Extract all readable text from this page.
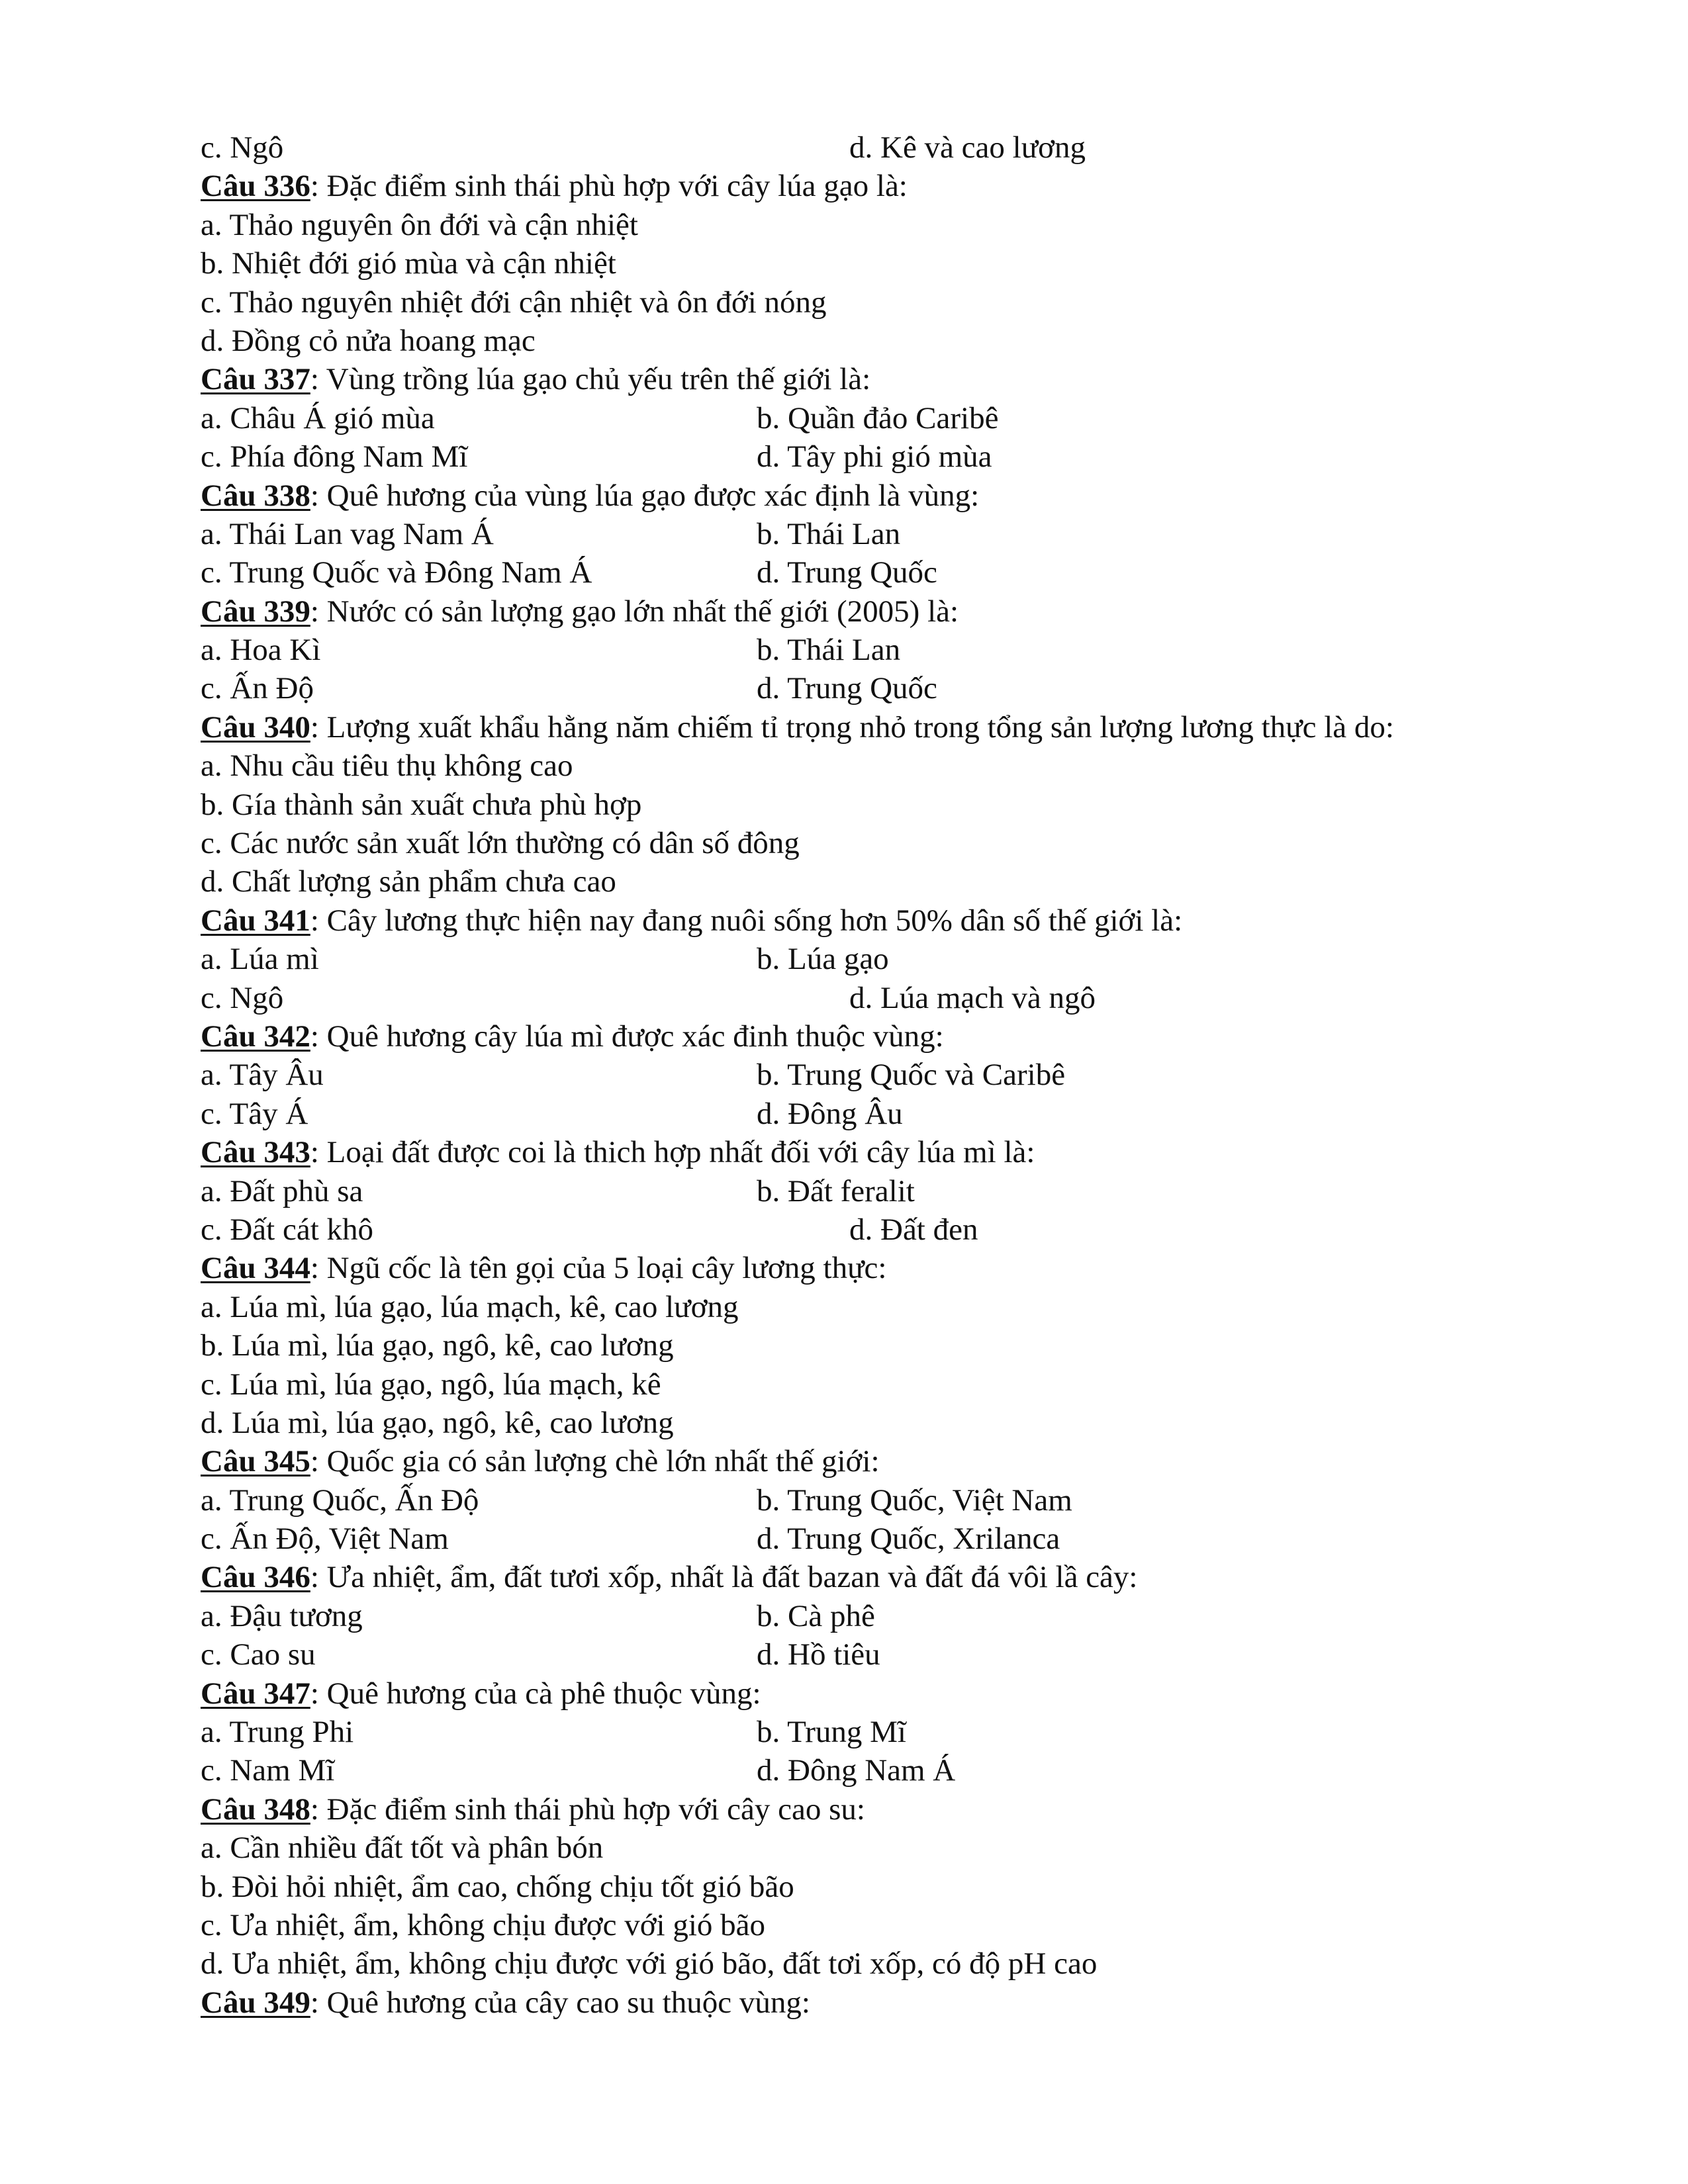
c. Ngô	d. Kê và cao lương
Câu 336: Đặc điểm sinh thái phù hợp với cây lúa gạo là:
a. Thảo nguyên ôn đới và cận nhiệt
b. Nhiệt đới gió mùa và cận nhiệt
c. Thảo nguyên nhiệt đới cận nhiệt và ôn đới nóng
d. Đồng cỏ nửa hoang mạc
Câu 337: Vùng trồng lúa gạo chủ yếu trên thế giới là:
a. Châu Á gió mùa	b. Quần đảo Caribê
c. Phía đông Nam Mĩ	d. Tây phi gió mùa
Câu 338: Quê hương của vùng lúa gạo được xác định là vùng:
a. Thái Lan vag Nam Á	b. Thái Lan
c. Trung Quốc và Đông Nam Á	d. Trung Quốc
Câu 339: Nước có sản lượng gạo lớn nhất thế giới (2005) là:
a. Hoa Kì	b. Thái Lan
c. Ấn Độ	d. Trung Quốc
Câu 340: Lượng xuất khẩu hằng năm chiếm tỉ trọng nhỏ trong tổng sản lượng lương thực là do:
a. Nhu cầu tiêu thụ không cao
b. Gía thành sản xuất chưa phù hợp
c. Các nước sản xuất lớn thường có dân số đông
d. Chất lượng sản phẩm chưa cao
Câu 341: Cây lương thực hiện nay đang nuôi sống hơn 50% dân số thế giới là:
a. Lúa mì	b. Lúa gạo
c. Ngô	d. Lúa mạch và ngô
Câu 342: Quê hương cây lúa mì được xác đinh thuộc vùng:
a. Tây Âu	b. Trung Quốc và Caribê
c. Tây Á	d. Đông Âu
Câu 343: Loại đất được coi là thich hợp nhất đối với cây lúa mì là:
a. Đất phù sa	b. Đất feralit
c. Đất cát khô	d. Đất đen
Câu 344: Ngũ cốc là tên gọi của 5 loại cây lương thực:
a. Lúa mì, lúa gạo, lúa mạch, kê, cao lương
b. Lúa mì, lúa gạo, ngô, kê, cao lương
c. Lúa mì, lúa gạo, ngô, lúa mạch, kê
d. Lúa mì, lúa gạo, ngô, kê, cao lương
Câu 345: Quốc gia có sản lượng chè lớn nhất thế giới:
a. Trung Quốc, Ấn Độ	b. Trung Quốc, Việt Nam
c. Ấn Độ, Việt Nam	d. Trung Quốc, Xrilanca
Câu 346: Ưa nhiệt, ẩm, đất tươi xốp, nhất là đất bazan và đất đá vôi lầ cây:
a. Đậu tương	b. Cà phê
c. Cao su	d. Hồ tiêu
Câu 347: Quê hương của cà phê thuộc vùng:
a. Trung Phi	b. Trung Mĩ
c. Nam Mĩ	d. Đông Nam Á
Câu 348: Đặc điểm sinh thái phù hợp với cây cao su:
a. Cần nhiều đất tốt và phân bón
b. Đòi hỏi nhiệt, ẩm cao, chống chịu tốt gió bão
c. Ưa nhiệt, ẩm, không chịu được với gió bão
d. Ưa nhiệt, ẩm, không chịu được với gió bão, đất tơi xốp, có độ pH cao
Câu 349: Quê hương của cây cao su thuộc vùng:
